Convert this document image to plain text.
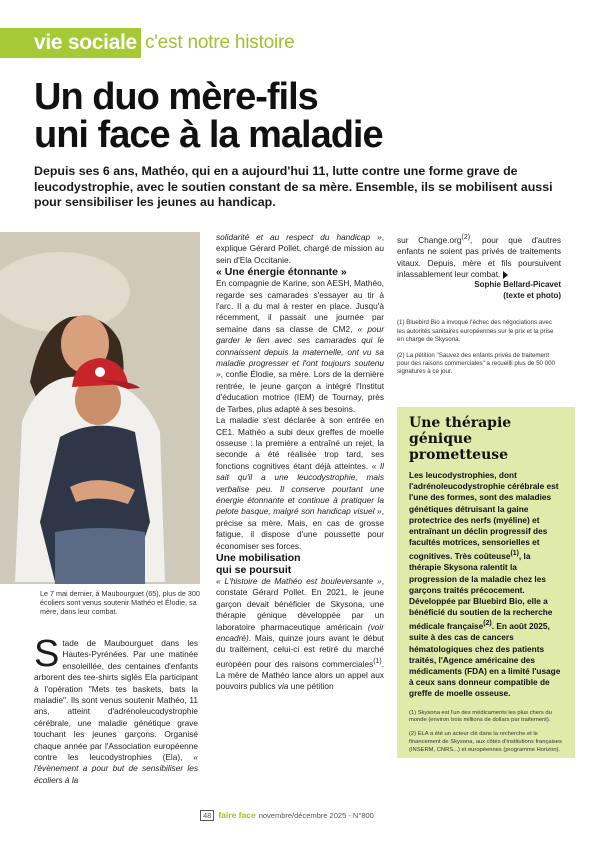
vie sociale c'est notre histoire
Un duo mère-fils
uni face à la maladie

Depuis ses 6 ans, Mathéo, qui en a aujourd'hui 11, lutte contre une forme grave de leucodystrophie, avec le soutien constant de sa mère. Ensemble, ils se mobilisent aussi pour sensibiliser les jeunes au handicap.

Le 7 mai dernier, à Maubourguet (65), plus de 300 écoliers sont venus soutenir Mathéo et Élodie, sa mère, dans leur combat.

Stade de Maubourguet dans les Hautes-Pyrénées. Par une matinée ensoleillée, des centaines d'enfants arborent des tee-shirts siglés Ela participant à l'opération "Mets tes baskets, bats la maladie". Ils sont venus soutenir Mathéo, 11 ans, atteint d'adrénoleucodystrophie cérébrale, une maladie génétique grave touchant les jeunes garçons. Organisé chaque année par l'Association européenne contre les leucodystrophies (Ela), « l'évènement a pour but de sensibiliser les écoliers à la

solidarité et au respect du handicap », explique Gérard Pollet, chargé de mission au sein d'Ela Occitanie.

« Une énergie étonnante »

En compagnie de Karine, son AESH, Mathéo, regarde ses camarades s'essayer au tir à l'arc. Il a du mal à rester en place. Jusqu'à récemment, il passait une journée par semaine dans sa classe de CM2, « pour garder le lien avec ses camarades qui le connaissent depuis la maternelle, ont vu sa maladie progresser et l'ont toujours soutenu », confie Élodie, sa mère. Lors de la dernière rentrée, le jeune garçon a intégré l'Institut d'éducation motrice (IEM) de Tournay, près de Tarbes, plus adapté à ses besoins.

La maladie s'est déclarée à son entrée en CE1. Mathéo a subi deux greffes de moelle osseuse : la première a entraîné un rejet, la seconde a été réalisée trop tard, ses fonctions cognitives étant déjà atteintes. « Il sait qu'il a une leucodystrophie, mais verbalise peu. Il conserve pourtant une énergie étonnante et continue à pratiquer la pelote basque, malgré son handicap visuel », précise sa mère. Mais, en cas de grosse fatigue, il dispose d'une poussette pour économiser ses forces.

Une mobilisation
qui se poursuit

« L'histoire de Mathéo est bouleversante », constate Gérard Pollet. En 2021, le jeune garçon devait bénéficier de Skysona, une thérapie génique développée par un laboratoire pharmaceutique américain (voir encadré). Mais, quinze jours avant le début du traitement, celui-ci est retiré du marché européen pour des raisons commerciales$^{(1)}$. La mère de Mathéo lance alors un appel aux pouvoirs publics via une pétition

sur Change.org$^{(2)}$, pour que d'autres enfants ne soient pas privés de traitements vitaux. Depuis, mère et fils poursuivent inlassablement leur combat.

Sophie Bellard-Picavet
(texte et photo)

(1) Bluebird Bio a invoqué l'échec des négociations avec les autorités sanitaires européennes sur le prix et la prise en charge de Skysona.

(2) La pétition "Sauvez des enfants privés de traitement pour des raisons commerciales" a recueilli plus de 50 000 signatures à ce jour.

Une thérapie génique prometteuse

Les leucodystrophies, dont l'adrénoleucodystrophie cérébrale est l'une des formes, sont des maladies génétiques détruisant la gaine protectrice des nerfs (myéline) et entraînant un déclin progressif des facultés motrices, sensorielles et cognitives. Très coûteuse$^{(1)}$, la thérapie Skysona ralentit la progression de la maladie chez les garçons traités précocement. Développée par Bluebird Bio, elle a bénéficié du soutien de la recherche médicale française$^{(2)}$. En août 2025, suite à des cas de cancers hématologiques chez des patients traités, l'Agence américaine des médicaments (FDA) en a limité l'usage à ceux sans donneur compatible de greffe de moelle osseuse.

(1) Skysona est l'un des médicaments les plus chers du monde (environ trois millions de dollars par traitement).

(2) ELA a été un acteur clé dans la recherche et le financement de Skysona, aux côtés d'institutions françaises (INSERM, CNRS...) et européennes (programme Horizon).

48 faire face novembre/décembre 2025 - N°800
